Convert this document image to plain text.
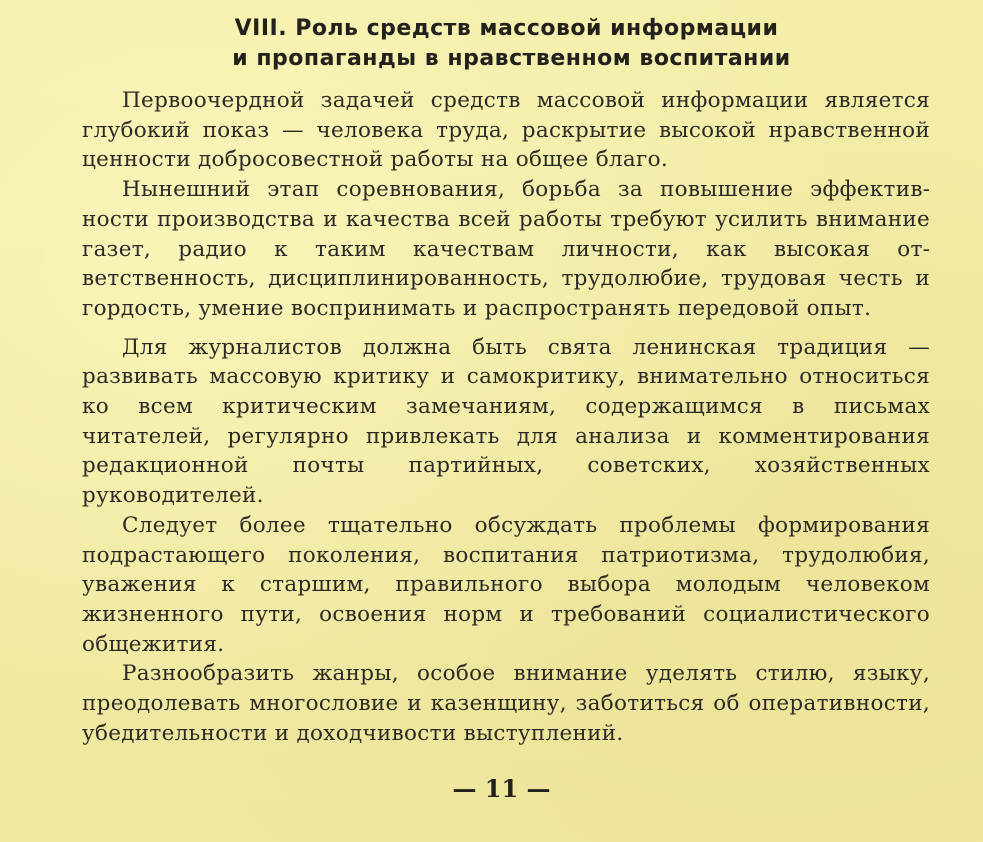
VIII. Роль средств массовой информации
и пропаганды в нравственном воспитании

Первоочердной задачей средств массовой информации является глубокий показ — человека труда, раскрытие высокой нравственной ценности добросовестной работы на общее благо.

Нынешний этап соревнования, борьба за повышение эффективности производства и качества всей работы требуют усилить внимание газет, радио к таким качествам личности, как высокая ответственность, дисциплинированность, трудолюбие, трудовая честь и гордость, умение воспринимать и распространять передовой опыт.

Для журналистов должна быть свята ленинская традиция — развивать массовую критику и самокритику, внимательно относиться ко всем критическим замечаниям, содержащимся в письмах читателей, регулярно привлекать для анализа и комментирования редакционной почты партийных, советских, хозяйственных руководителей.

Следует более тщательно обсуждать проблемы формирования подрастающего поколения, воспитания патриотизма, трудолюбия, уважения к старшим, правильного выбора молодым человеком жизненного пути, освоения норм и требований социалистического общежития.

Разнообразить жанры, особое внимание уделять стилю, языку, преодолевать многословие и казенщину, заботиться об оперативности, убедительности и доходчивости выступлений.

— 11 —
